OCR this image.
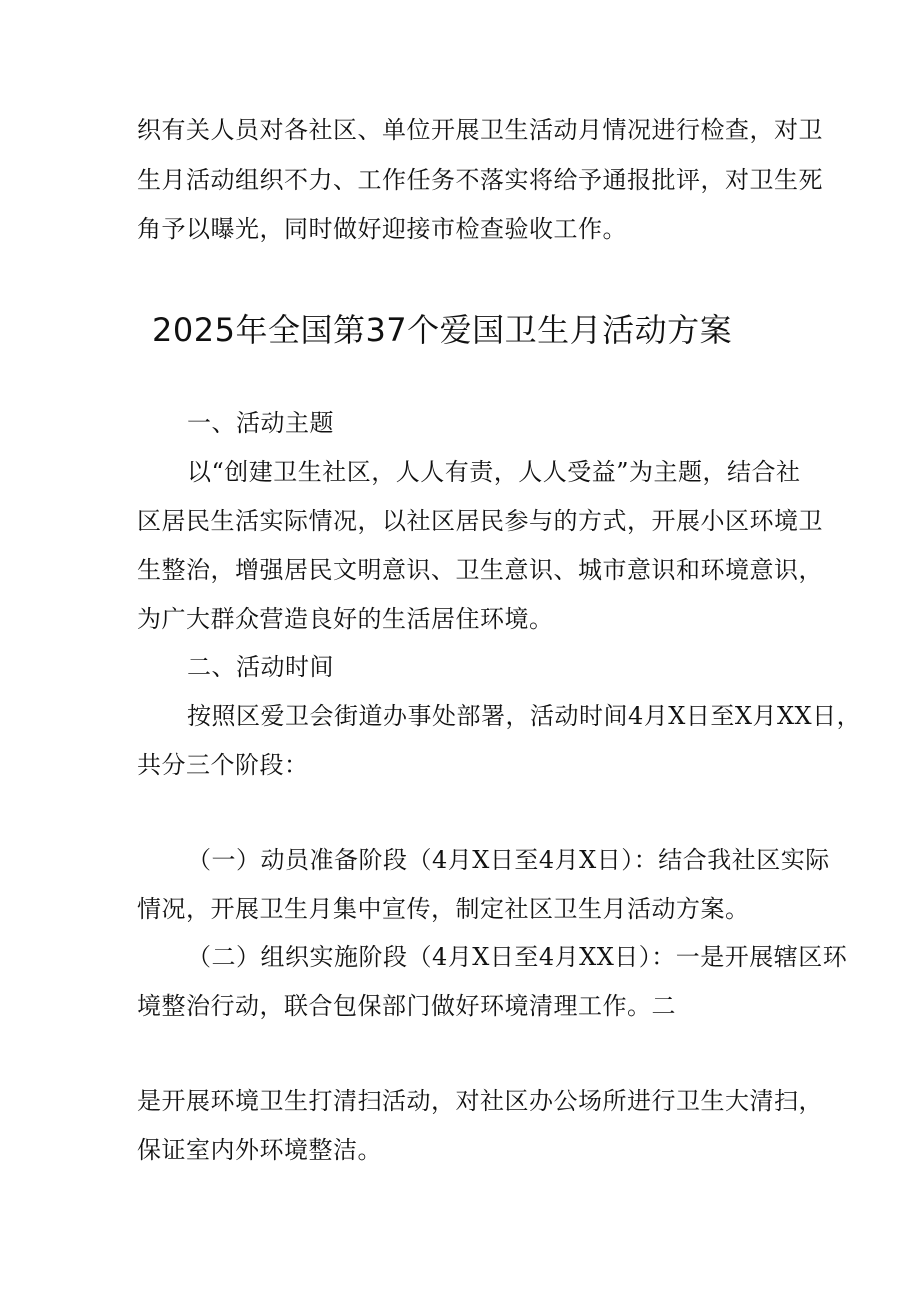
织有关人员对各社区、单位开展卫生活动月情况进行检查，对卫
生月活动组织不力、工作任务不落实将给予通报批评，对卫生死
角予以曝光，同时做好迎接市检查验收工作。
2025年全国第37个爱国卫生月活动方案
一、活动主题
以“创建卫生社区，人人有责，人人受益”为主题，结合社
区居民生活实际情况，以社区居民参与的方式，开展小区环境卫
生整治，增强居民文明意识、卫生意识、城市意识和环境意识，
为广大群众营造良好的生活居住环境。
二、活动时间
按照区爱卫会街道办事处部署，活动时间4月X日至X月XX日，
共分三个阶段：
（一）动员准备阶段（4月X日至4月X日）：结合我社区实际
情况，开展卫生月集中宣传，制定社区卫生月活动方案。
（二）组织实施阶段（4月X日至4月XX日）：一是开展辖区环
境整治行动，联合包保部门做好环境清理工作。二
是开展环境卫生打清扫活动，对社区办公场所进行卫生大清扫，
保证室内外环境整洁。
